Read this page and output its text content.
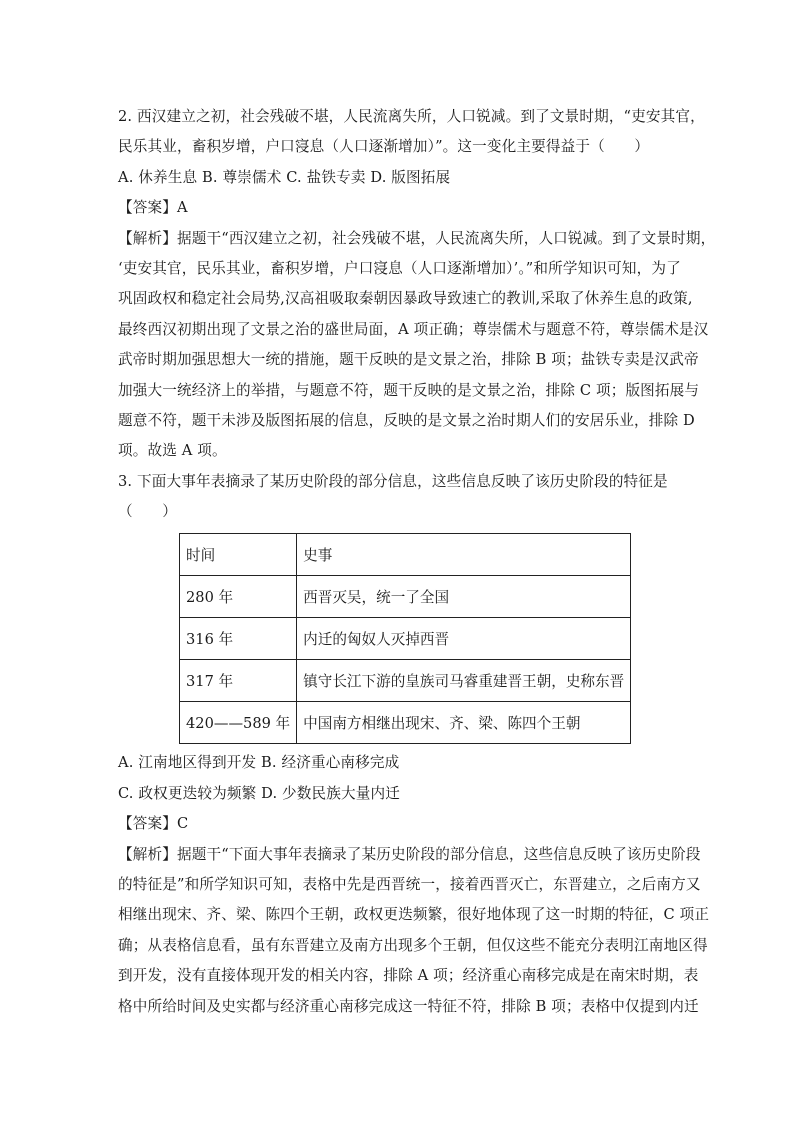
2. 西汉建立之初，社会残破不堪，人民流离失所，人口锐减。到了文景时期，“吏安其官，
民乐其业，畜积岁增，户口寖息（人口逐渐增加）”。这一变化主要得益于（　　）
A. 休养生息 B. 尊崇儒术 C. 盐铁专卖 D. 版图拓展
【答案】A
【解析】据题干“西汉建立之初，社会残破不堪，人民流离失所，人口锐减。到了文景时期，
‘吏安其官，民乐其业，畜积岁增，户口寖息（人口逐渐增加）’。”和所学知识可知，为了
巩固政权和稳定社会局势,汉高祖吸取秦朝因暴政导致速亡的教训,采取了休养生息的政策,
最终西汉初期出现了文景之治的盛世局面，A 项正确；尊崇儒术与题意不符，尊崇儒术是汉
武帝时期加强思想大一统的措施，题干反映的是文景之治，排除 B 项；盐铁专卖是汉武帝
加强大一统经济上的举措，与题意不符，题干反映的是文景之治，排除 C 项；版图拓展与
题意不符，题干未涉及版图拓展的信息，反映的是文景之治时期人们的安居乐业，排除 D
项。故选 A 项。
3. 下面大事年表摘录了某历史阶段的部分信息，这些信息反映了该历史阶段的特征是
（　　）
时间	史事
280 年	西晋灭吴，统一了全国
316 年	内迁的匈奴人灭掉西晋
317 年	镇守长江下游的皇族司马睿重建晋王朝，史称东晋
420——589 年	中国南方相继出现宋、齐、梁、陈四个王朝
A. 江南地区得到开发 B. 经济重心南移完成
C. 政权更迭较为频繁 D. 少数民族大量内迁
【答案】C
【解析】据题干“下面大事年表摘录了某历史阶段的部分信息，这些信息反映了该历史阶段
的特征是”和所学知识可知，表格中先是西晋统一，接着西晋灭亡，东晋建立，之后南方又
相继出现宋、齐、梁、陈四个王朝，政权更迭频繁，很好地体现了这一时期的特征，C 项正
确；从表格信息看，虽有东晋建立及南方出现多个王朝，但仅这些不能充分表明江南地区得
到开发，没有直接体现开发的相关内容，排除 A 项；经济重心南移完成是在南宋时期，表
格中所给时间及史实都与经济重心南移完成这一特征不符，排除 B 项；表格中仅提到内迁
